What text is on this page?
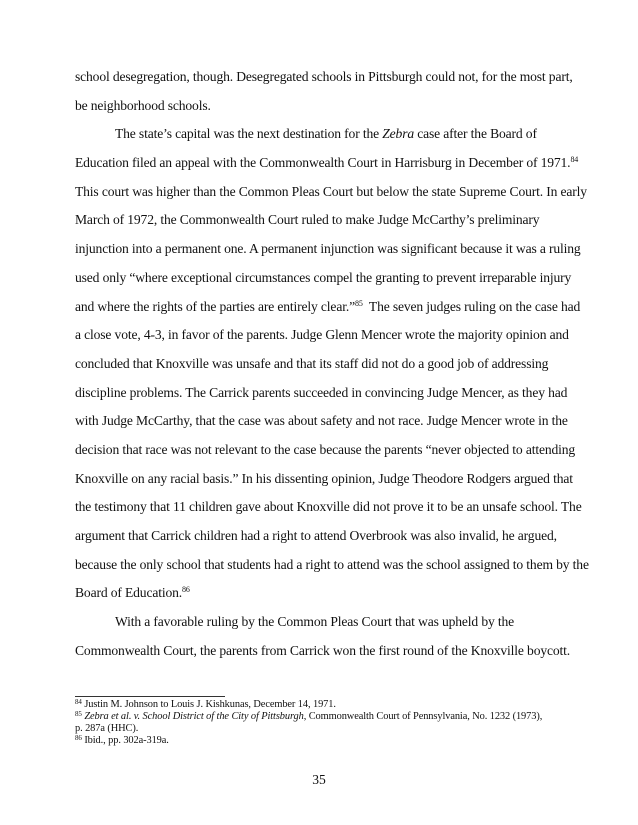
school desegregation, though. Desegregated schools in Pittsburgh could not, for the most part,
be neighborhood schools.
The state’s capital was the next destination for the Zebra case after the Board of
Education filed an appeal with the Commonwealth Court in Harrisburg in December of 1971.84
This court was higher than the Common Pleas Court but below the state Supreme Court. In early
March of 1972, the Commonwealth Court ruled to make Judge McCarthy’s preliminary
injunction into a permanent one. A permanent injunction was significant because it was a ruling
used only “where exceptional circumstances compel the granting to prevent irreparable injury
and where the rights of the parties are entirely clear.”$^{85}$  The seven judges ruling on the case had
a close vote, 4-3, in favor of the parents. Judge Glenn Mencer wrote the majority opinion and
concluded that Knoxville was unsafe and that its staff did not do a good job of addressing
discipline problems. The Carrick parents succeeded in convincing Judge Mencer, as they had
with Judge McCarthy, that the case was about safety and not race. Judge Mencer wrote in the
decision that race was not relevant to the case because the parents “never objected to attending
Knoxville on any racial basis.” In his dissenting opinion, Judge Theodore Rodgers argued that
the testimony that 11 children gave about Knoxville did not prove it to be an unsafe school. The
argument that Carrick children had a right to attend Overbrook was also invalid, he argued,
because the only school that students had a right to attend was the school assigned to them by the
Board of Education.$^{86}$
With a favorable ruling by the Common Pleas Court that was upheld by the
Commonwealth Court, the parents from Carrick won the first round of the Knoxville boycott.
$^{84}$ Justin M. Johnson to Louis J. Kishkunas, December 14, 1971.
$^{85}$ Zebra et al. v. School District of the City of Pittsburgh, Commonwealth Court of Pennsylvania, No. 1232 (1973),
p. 287a (HHC).
$^{86}$ Ibid., pp. 302a-319a.
35
